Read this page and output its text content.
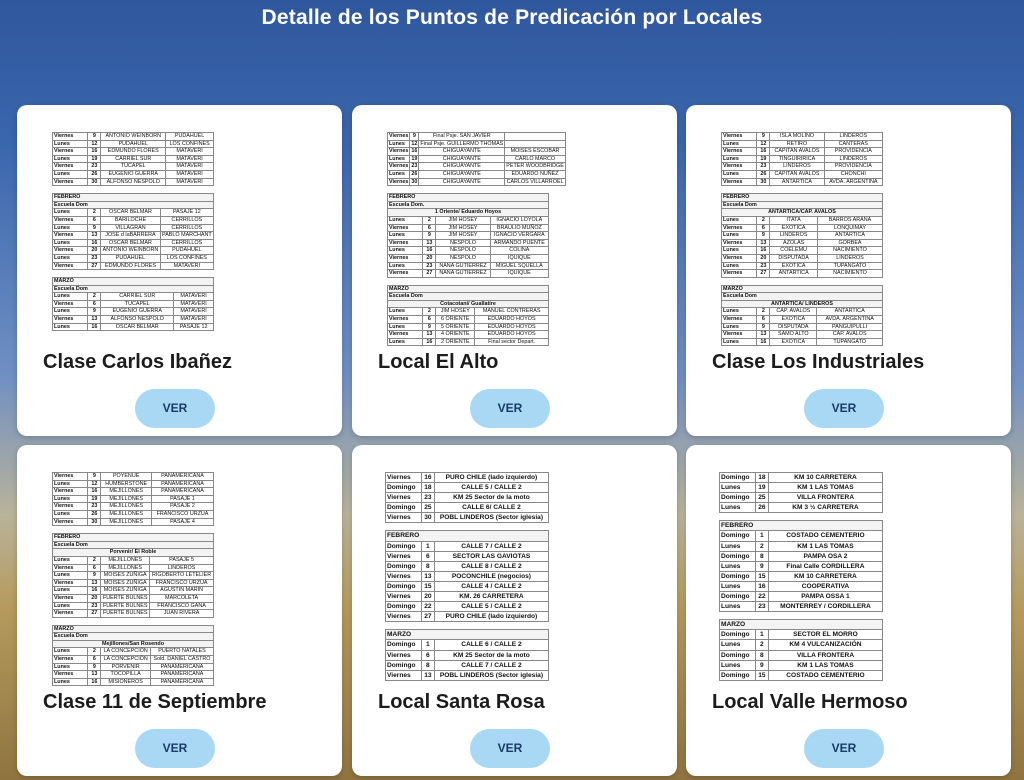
Detalle de los Puntos de Predicación por Locales
Viernes	9	ANTONIO WEINBORN	PUDAHUEL
Lunes	12	PUDAHUEL	LOS CONFINES
Viernes	16	EDMUNDO FLORES	MATAVERI
Lunes	19	CARRIEL SUR	MATAVERI
Viernes	23	TUCAPEL	MATAVERI
Lunes	26	EUGENIO GUERRA	MATAVERI
Viernes	30	ALFONSO NESPOLO	MATAVERI
FEBRERO			
Escuela Dom			
Lunes	2	OSCAR BELMAR	PASAJE 12
Viernes	6	BARILOCHE	CERRILLOS
Lunes	9	VILLAGRAN	CERRILLOS
Viernes	13	JOSE d laBARRERA	PABLO MARCHANT
Lunes	16	OSCAR BELMAR	CERRILLOS
Viernes	20	ANTONIO WEINBORN	PUDAHUEL
Lunes	23	PUDAHUEL	LOS CONFINES
Viernes	27	EDMUNDO FLORES	MATAVERI
MARZO			
Escuela Dom			
Lunes	2	CARRIEL SUR	MATAVERI
Viernes	6	TUCAPEL	MATAVERI
Lunes	9	EUGENIO GUERRA	MATAVERI
Viernes	13	ALFONSO NESPOLO	MATAVERI
Lunes	16	OSCAR BELMAR	PASAJE 12
Clase Carlos Ibañez
VER
Viernes	9	Final Psje. SAN JAVIER	
Lunes	12	Final Psje. GUILLERMO THOMAS	
Viernes	16	CHIGUAYANTE	MOISES ESCOBAR
Lunes	19	CHIGUAYANTE	CARLO MARCO
Viernes	23	CHIGUAYANTE	PETER WOODBRIDGE
Lunes	26	CHIGUAYANTE	EDUARDO NUÑEZ
Viernes	30	CHIGUAYANTE	CARLOS VILLARROEL
FEBRERO			
Escuela Dom.			
1 Oriente/ Eduardo Hoyos			
Lunes	2	JIM HOSEY	IGNACIO LOYOLA
Viernes	6	JIM HOSEY	BRAULIO MUÑOZ
Lunes	9	JIM HOSEY	IGNACIO VERGARA
Viernes	13	NESPOLO	ARMANDO PUENTE
Lunes	16	NESPOLO	COLINA
Viernes	20	NESPOLO	IQUIQUE
Lunes	23	NANA GUTIERREZ	MIGUEL SQUELLA
Viernes	27	NANA GUTIERREZ	IQUIQUE
MARZO			
Escuela Dom			
Cotacotani/ Guallatire			
Lunes	2	JIM HOSEY	MANUEL CONTRERAS
Viernes	6	6 ORIENTE	EDUARDO HOYOS
Lunes	9	5 ORIENTE	EDUARDO HOYOS
Viernes	13	4 ORIENTE	EDUARDO HOYOS
Lunes	16	2 ORIENTE	Final sector Depart.
Local El Alto
VER
Viernes	9	ISLA MOLINO	LINDEROS
Lunes	12	RETIRO	CANTERAS
Viernes	16	CAPITAN AVALOS	PROVIDENCIA
Lunes	19	TINGUIRIRICA	LINDEROS
Viernes	23	LINDEROS	PROVIDENCIA
Lunes	26	CAPITAN AVALOS	CHONCHI
Viernes	30	ANTARTICA	AVDA. ARGENTINA
FEBRERO			
Escuela Dom			
ANTARTICA/CAP. AVALOS			
Lunes	2	ITATA	BARROS ARANA
Viernes	6	EXOTICA	LONQUIMAY
Lunes	9	LINDEROS	ANTARTICA
Viernes	13	AZOLAS	GORBEA
Lunes	16	COELEMU	NACIMIENTO
Viernes	20	DISPUTADA	LINDEROS
Lunes	23	EXOTICA	TUPANGATO
Viernes	27	ANTARTICA	NACIMIENTO
MARZO			
Escuela Dom			
ANTARTICA/ LINDEROS			
Lunes	2	CAP. AVALOS	ANTARTICA
Viernes	6	EXOTICA	AVDA. ARGENTINA
Lunes	9	DISPUTADA	PANGUIPULLI
Viernes	13	SAMO ALTO	CAP. AVALOS
Lunes	16	EXOTICA	TUPANGATO
Clase Los Industriales
VER
Viernes	9	POYENUE	PANAMERICANA
Lunes	12	HUMBERSTONE	PANAMERICANA
Viernes	16	MEJILLONES	PANAMERICANA
Lunes	19	MEJILLONES	PASAJE 1
Viernes	23	MEJILLONES	PASAJE 2
Lunes	26	MEJILLONES	FRANCISCO URZUA
Viernes	30	MEJILLONES	PASAJE 4
FEBRERO			
Escuela Dom			
Porvenir/ El Roble			
Lunes	2	MEJILLONES	PASAJE 5
Viernes	6	MEJILLONES	LINDEROS
Lunes	9	MOISES ZUÑIGA	RIGOBERTO LETELIER
Viernes	13	MOISES ZUÑIGA	FRANCISCO URZUA
Lunes	16	MOISES ZUÑIGA	AGUSTIN MARIN
Viernes	20	FUERTE BULNES	MARCOLETA
Lunes	23	FUERTE BULNES	FRANCISCO GANA
Viernes	27	FUERTE BULNES	JUAN RIVERA
MARZO			
Escuela Dom			
Mejillones/San Rosendo			
Lunes	2	LA CONCEPCIÓN	PUERTO NATALES
Viernes	6	LA CONCEPCIÓN	Sold. DANIEL CASTRO
Lunes	9	PORVENIR	PANAMERICANA
Viernes	13	TOCOPILLA	PANAMERICANA
Lunes	16	MISIONEROS	PANAMERICANA
Clase 11 de Septiembre
VER
Viernes	16	PURO CHILE (lado izquierdo)
Domingo	18	CALLE 5 / CALLE 2
Viernes	23	KM 25 Sector de la moto
Domingo	25	CALLE 6/ CALLE 2
Viernes	30	POBL LINDEROS (Sector iglesia)
FEBRERO		
Domingo	1	CALLE 7 / CALLE 2
Viernes	6	SECTOR LAS GAVIOTAS
Domingo	8	CALLE 8 / CALLE 2
Viernes	13	POCONCHILE (negocios)
Domingo	15	CALLE 4 / CALLE 2
Viernes	20	KM. 26 CARRETERA
Domingo	22	CALLE 5 / CALLE 2
Viernes	27	PURO CHILE (lado izquierdo)
MARZO		
Domingo	1	CALLE 6 / CALLE 2
Viernes	6	KM 25 Sector de la moto
Domingo	8	CALLE 7 / CALLE 2
Viernes	13	POBL LINDEROS (Sector iglesia)
Local Santa Rosa
VER
Domingo	18	KM 10 CARRETERA
Lunes	19	KM 1 LAS TOMAS
Domingo	25	VILLA FRONTERA
Lunes	26	KM 3 ½ CARRETERA
FEBRERO		
Domingo	1	COSTADO CEMENTERIO
Lunes	2	KM 1 LAS TOMAS
Domingo	8	PAMPA OSA 2
Lunes	9	Final Calle CORDILLERA
Domingo	15	KM 10 CARRETERA
Lunes	16	COOPERATIVA
Domingo	22	PAMPA OSSA 1
Lunes	23	MONTERREY / CORDILLERA
MARZO		
Domingo	1	SECTOR EL MORRO
Lunes	2	KM 4 VULCANIZACIÓN
Domingo	8	VILLA FRONTERA
Lunes	9	KM 1 LAS TOMAS
Domingo	15	COSTADO CEMENTERIO
Local Valle Hermoso
VER
